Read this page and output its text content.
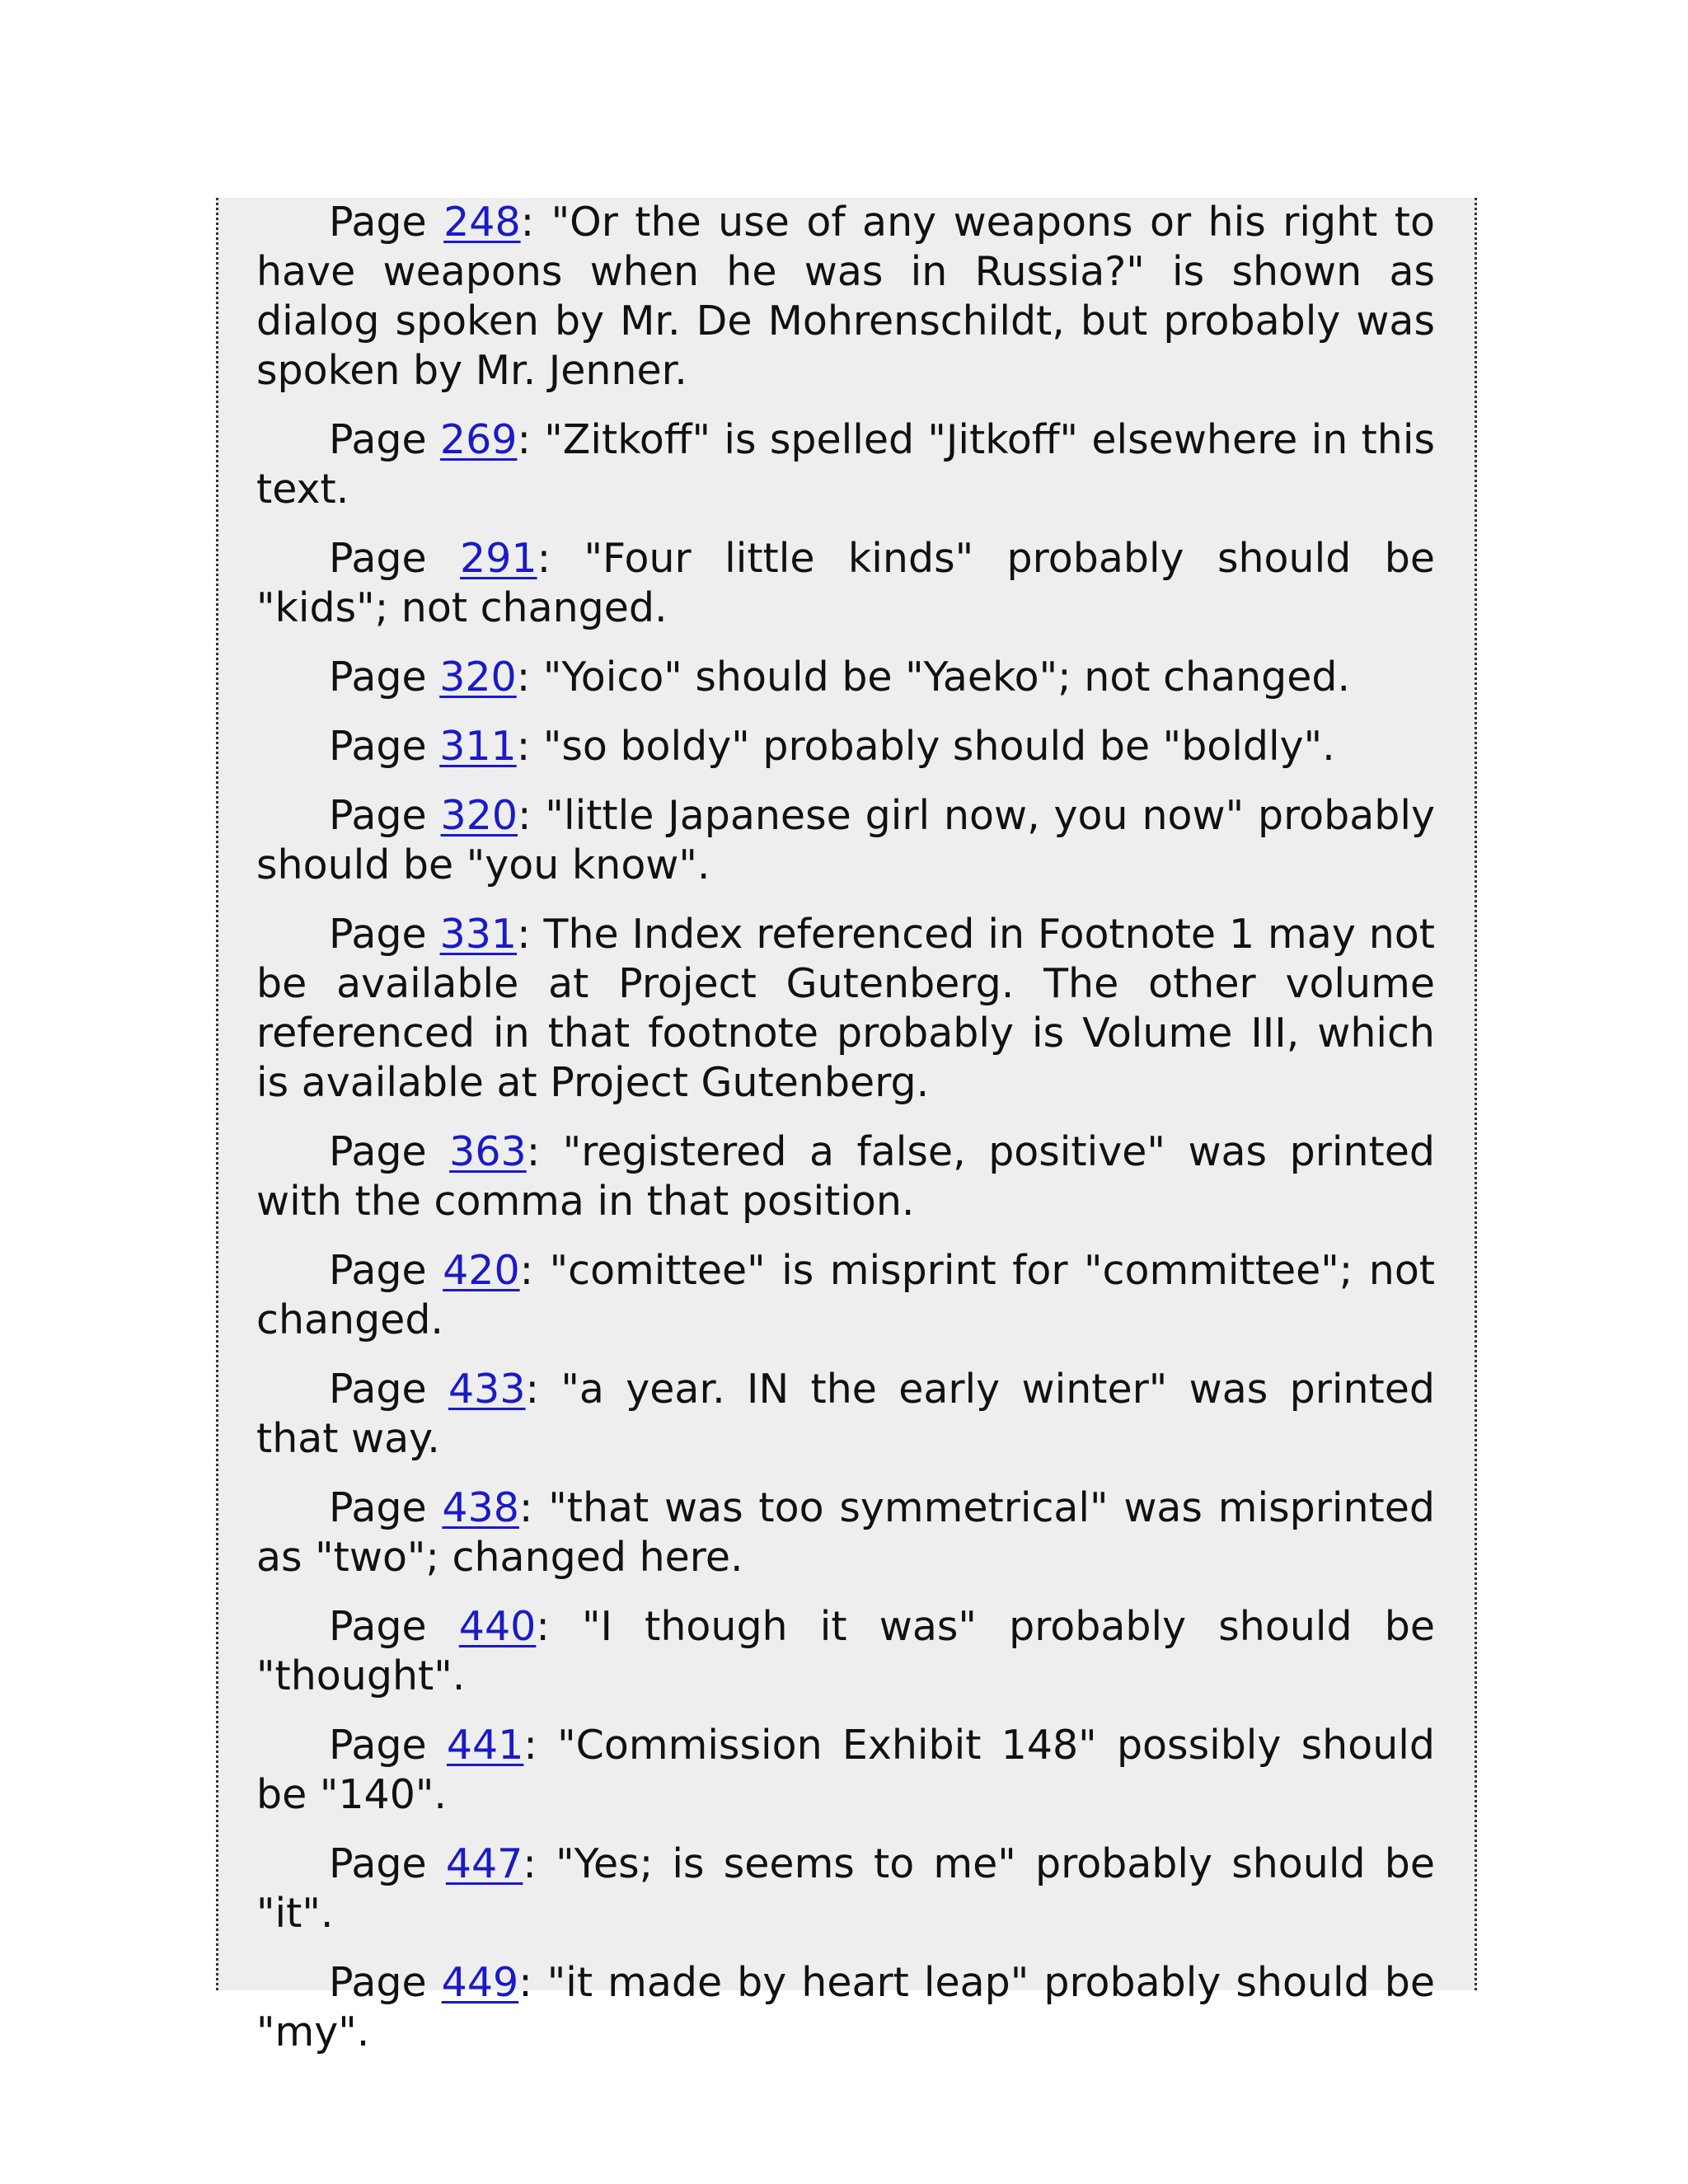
Page 248: "Or the use of any weapons or his right to have weapons when he was in Russia?" is shown as dialog spoken by Mr. De Mohrenschildt, but probably was spoken by Mr. Jenner.

Page 269: "Zitkoff" is spelled "Jitkoff" elsewhere in this text.

Page 291: "Four little kinds" probably should be "kids"; not changed.

Page 320: "Yoico" should be "Yaeko"; not changed.

Page 311: "so boldy" probably should be "boldly".

Page 320: "little Japanese girl now, you now" probably should be "you know".

Page 331: The Index referenced in Footnote 1 may not be available at Project Gutenberg. The other volume referenced in that footnote probably is Volume III, which is available at Project Gutenberg.

Page 363: "registered a false, positive" was printed with the comma in that position.

Page 420: "comittee" is misprint for "committee"; not changed.

Page 433: "a year. IN the early winter" was printed that way.

Page 438: "that was too symmetrical" was misprinted as "two"; changed here.

Page 440: "I though it was" probably should be "thought".

Page 441: "Commission Exhibit 148" possibly should be "140".

Page 447: "Yes; is seems to me" probably should be "it".

Page 449: "it made by heart leap" probably should be "my".
